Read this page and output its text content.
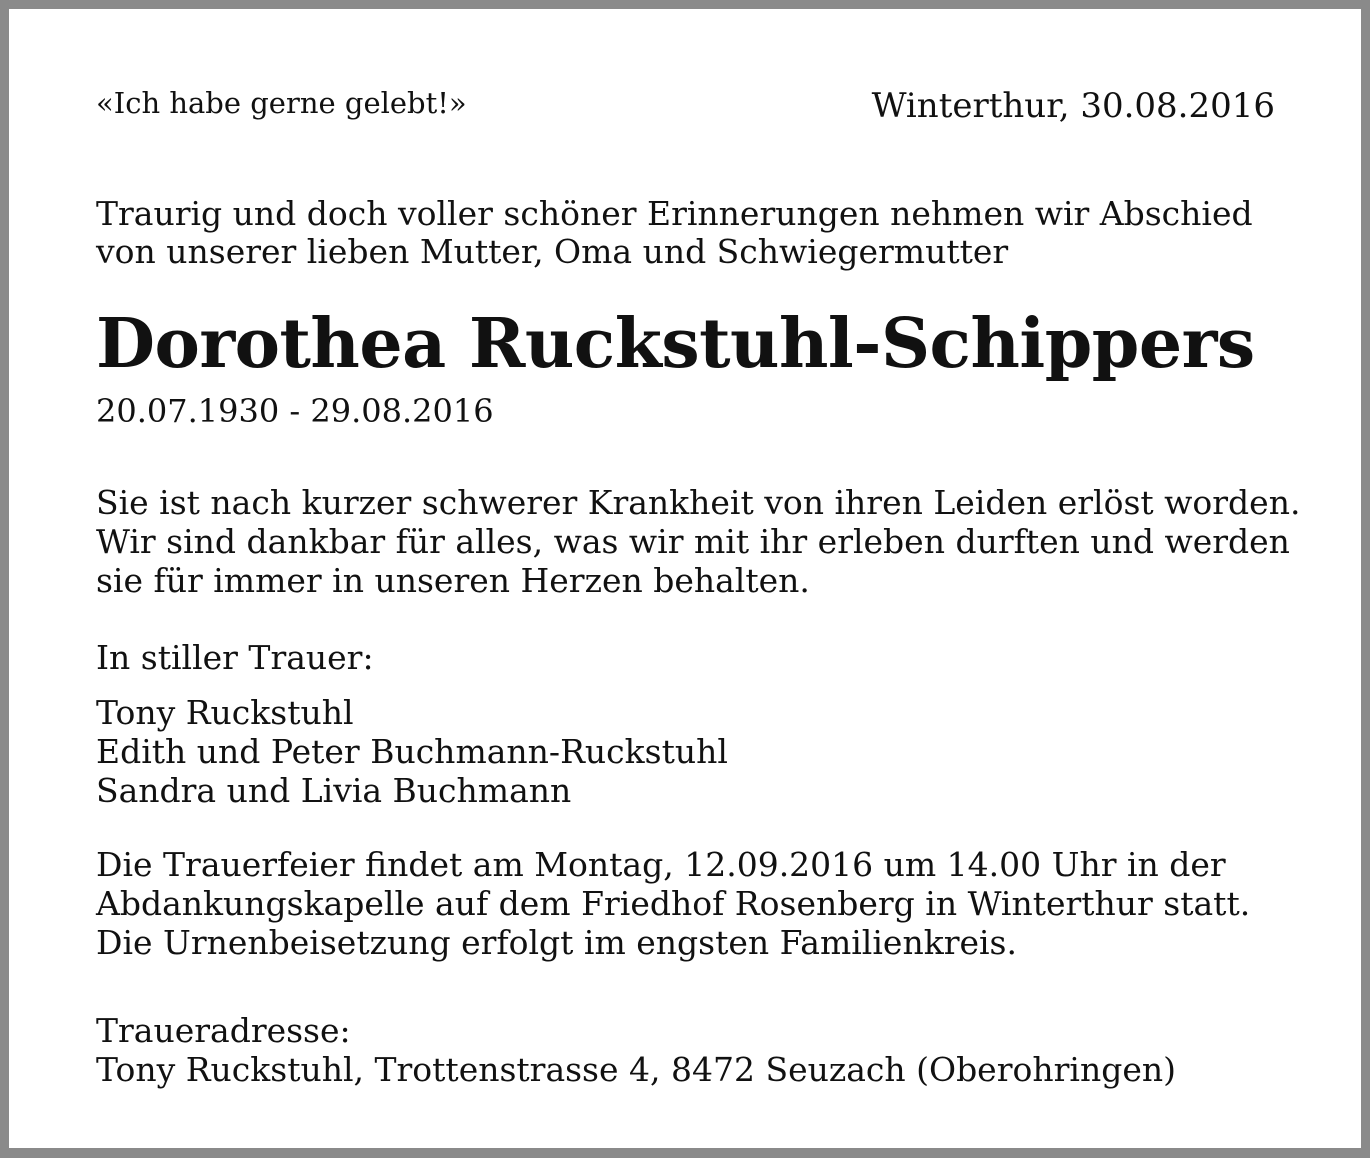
«Ich habe gerne gelebt!»	Winterthur, 30.08.2016

Traurig und doch voller schöner Erinnerungen nehmen wir Abschied
von unserer lieben Mutter, Oma und Schwiegermutter

Dorothea Ruckstuhl-Schippers

20.07.1930 - 29.08.2016

Sie ist nach kurzer schwerer Krankheit von ihren Leiden erlöst worden.
Wir sind dankbar für alles, was wir mit ihr erleben durften und werden
sie für immer in unseren Herzen behalten.

In stiller Trauer:

Tony Ruckstuhl
Edith und Peter Buchmann-Ruckstuhl
Sandra und Livia Buchmann

Die Trauerfeier findet am Montag, 12.09.2016 um 14.00 Uhr in der
Abdankungskapelle auf dem Friedhof Rosenberg in Winterthur statt.
Die Urnenbeisetzung erfolgt im engsten Familienkreis.

Traueradresse:

Tony Ruckstuhl, Trottenstrasse 4, 8472 Seuzach (Oberohringen)
